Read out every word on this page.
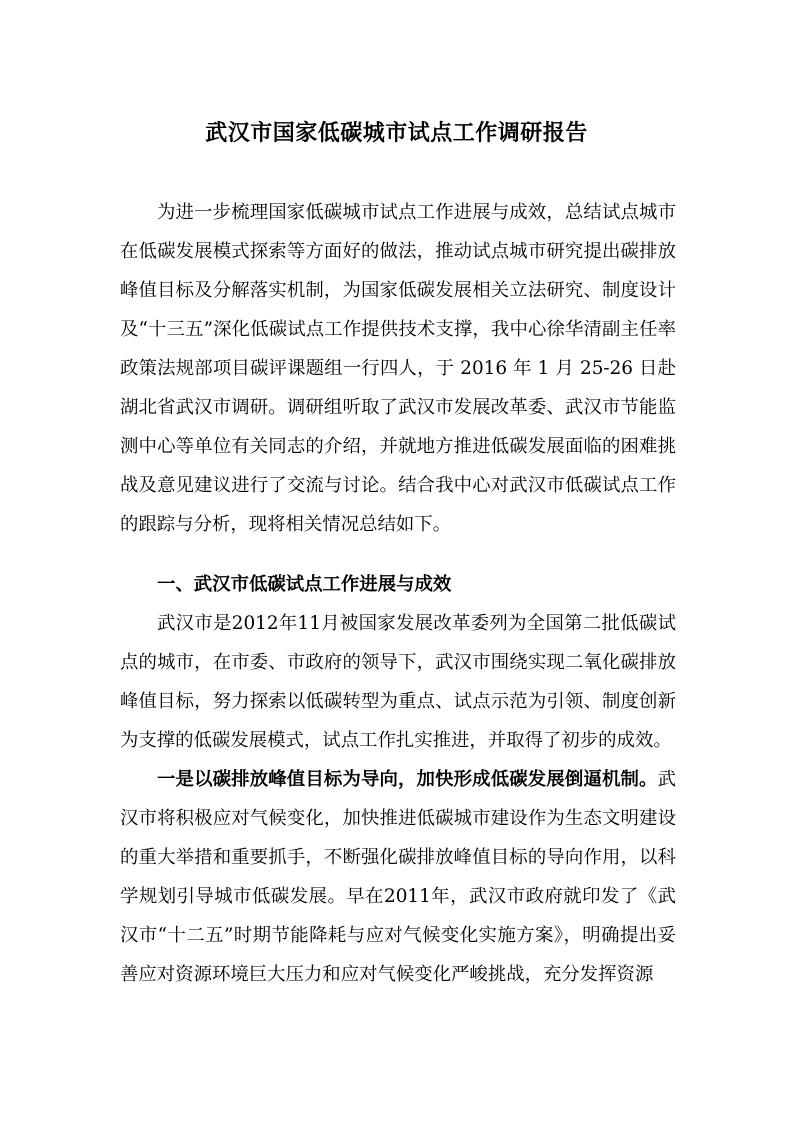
武汉市国家低碳城市试点工作调研报告

为进一步梳理国家低碳城市试点工作进展与成效，总结试点城市在低碳发展模式探索等方面好的做法，推动试点城市研究提出碳排放峰值目标及分解落实机制，为国家低碳发展相关立法研究、制度设计及“十三五”深化低碳试点工作提供技术支撑，我中心徐华清副主任率政策法规部项目碳评课题组一行四人，于 2016 年 1 月 25-26 日赴湖北省武汉市调研。调研组听取了武汉市发展改革委、武汉市节能监测中心等单位有关同志的介绍，并就地方推进低碳发展面临的困难挑战及意见建议进行了交流与讨论。结合我中心对武汉市低碳试点工作的跟踪与分析，现将相关情况总结如下。

一、武汉市低碳试点工作进展与成效

武汉市是2012年11月被国家发展改革委列为全国第二批低碳试点的城市，在市委、市政府的领导下，武汉市围绕实现二氧化碳排放峰值目标，努力探索以低碳转型为重点、试点示范为引领、制度创新为支撑的低碳发展模式，试点工作扎实推进，并取得了初步的成效。

一是以碳排放峰值目标为导向，加快形成低碳发展倒逼机制。武汉市将积极应对气候变化，加快推进低碳城市建设作为生态文明建设的重大举措和重要抓手，不断强化碳排放峰值目标的导向作用，以科学规划引导城市低碳发展。早在2011年，武汉市政府就印发了《武汉市“十二五”时期节能降耗与应对气候变化实施方案》，明确提出妥善应对资源环境巨大压力和应对气候变化严峻挑战，充分发挥资源
